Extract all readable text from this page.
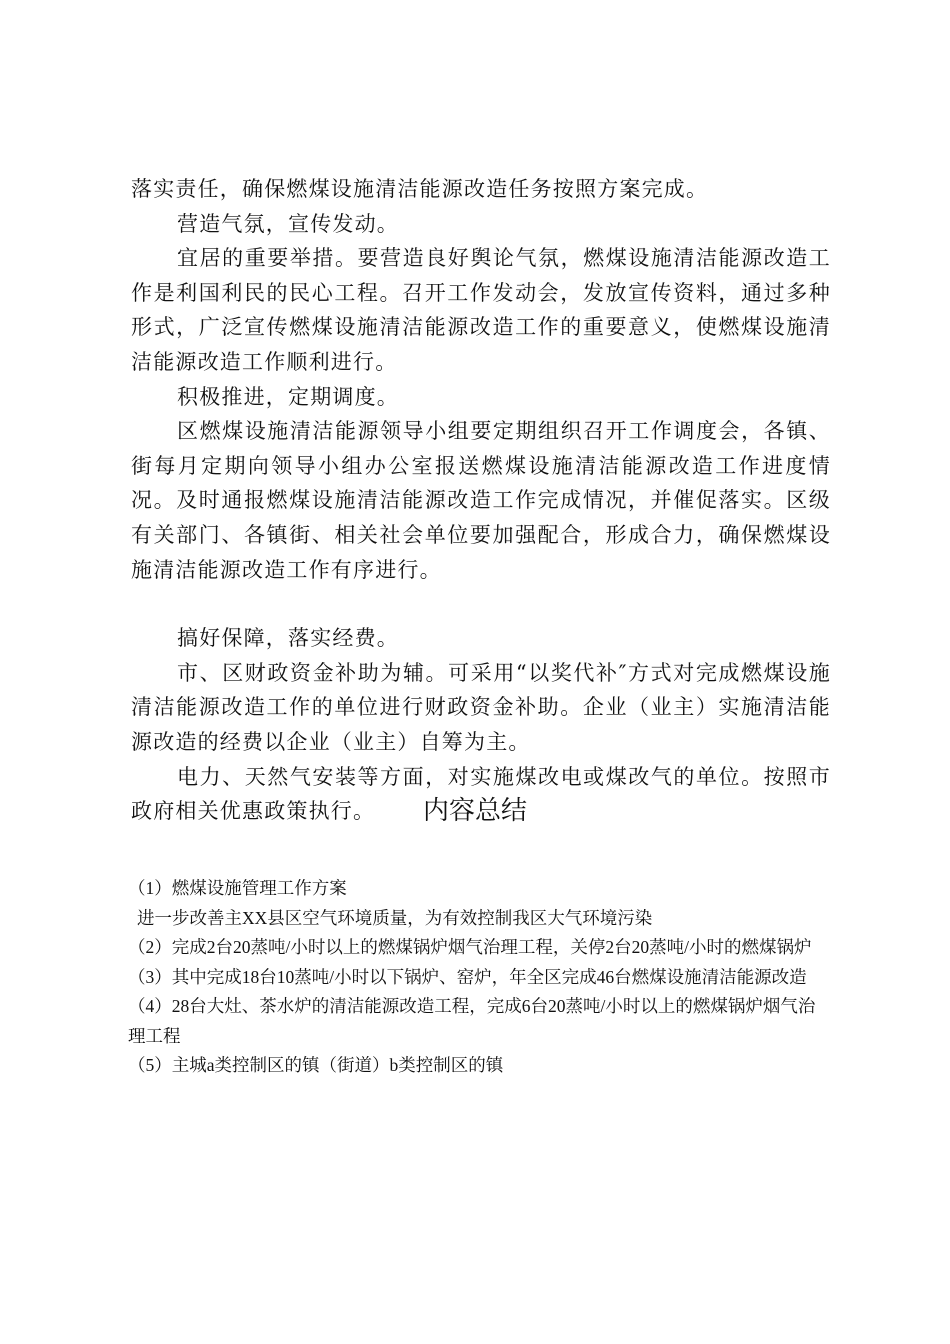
落实责任，确保燃煤设施清洁能源改造任务按照方案完成。

营造气氛，宣传发动。

宜居的重要举措。要营造良好舆论气氛，燃煤设施清洁能源改造工作是利国利民的民心工程。召开工作发动会，发放宣传资料，通过多种形式，广泛宣传燃煤设施清洁能源改造工作的重要意义，使燃煤设施清洁能源改造工作顺利进行。

积极推进，定期调度。

区燃煤设施清洁能源领导小组要定期组织召开工作调度会，各镇、街每月定期向领导小组办公室报送燃煤设施清洁能源改造工作进度情况。及时通报燃煤设施清洁能源改造工作完成情况，并催促落实。区级有关部门、各镇街、相关社会单位要加强配合，形成合力，确保燃煤设施清洁能源改造工作有序进行。

搞好保障，落实经费。

市、区财政资金补助为辅。可采用“以奖代补″方式对完成燃煤设施清洁能源改造工作的单位进行财政资金补助。企业（业主）实施清洁能源改造的经费以企业（业主）自筹为主。

电力、天然气安装等方面，对实施煤改电或煤改气的单位。按照市政府相关优惠政策执行。	内容总结

（1）燃煤设施管理工作方案

进一步改善主XX县区空气环境质量，为有效控制我区大气环境污染

（2）完成2台20蒸吨/小时以上的燃煤锅炉烟气治理工程，关停2台20蒸吨/小时的燃煤锅炉

（3）其中完成18台10蒸吨/小时以下锅炉、窑炉，年全区完成46台燃煤设施清洁能源改造

（4）28台大灶、茶水炉的清洁能源改造工程，完成6台20蒸吨/小时以上的燃煤锅炉烟气治理工程

（5）主城a类控制区的镇（街道）b类控制区的镇
